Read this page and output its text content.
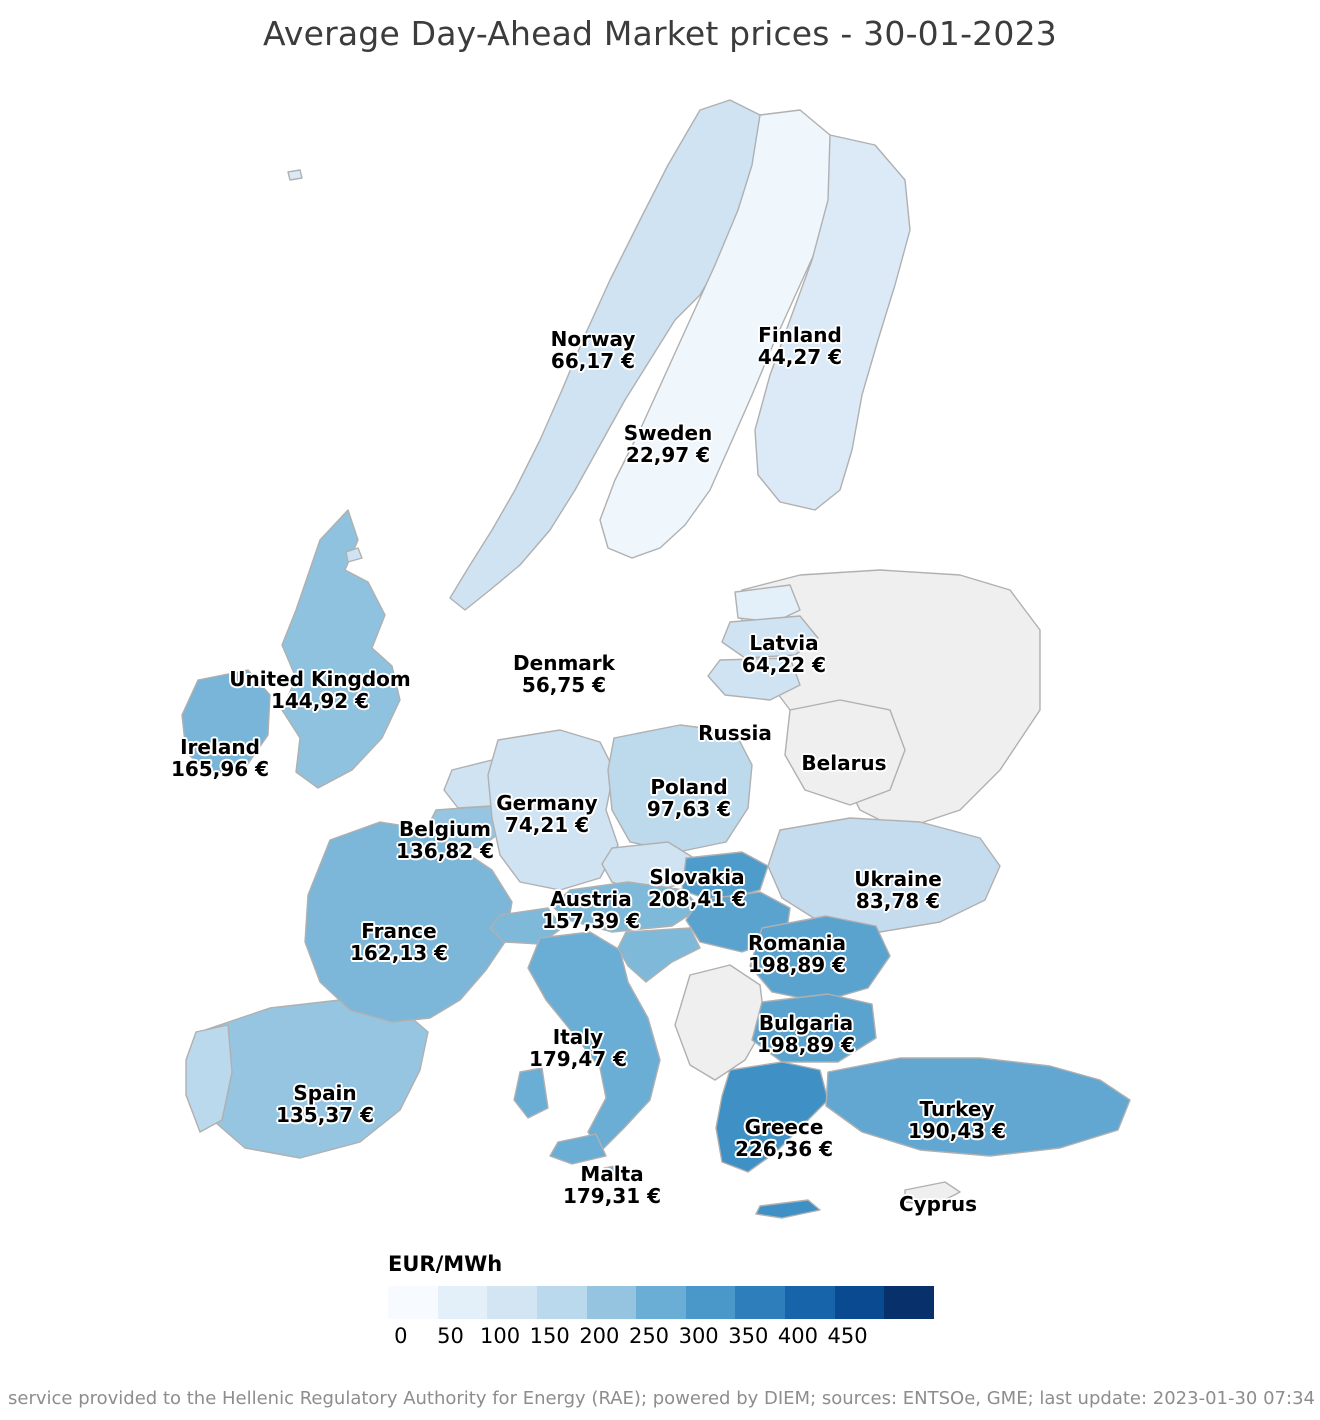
Average Day-Ahead Market prices - 30-01-2023
Norway
66,17 €
Finland
44,27 €
Sweden
22,97 €
Denmark
56,75 €
Latvia
64,22 €
Russia
Belarus
United Kingdom
144,92 €
Ireland
165,96 €
Germany
74,21 €
Poland
97,63 €
Belgium
136,82 €
Slovakia
208,41 €
Ukraine
83,78 €
Austria
157,39 €
France
162,13 €	Romania
198,89 €
Bulgaria
198,89 €
Italy
179,47 €
Spain
135,37 €	Greece
226,36 €
Turkey
190,43 €
Malta
179,31 €	Cyprus
EUR/MWh
0 50 100 150 200 250 300 350 400 450
service provided to the Hellenic Regulatory Authority for Energy (RAE); powered by DIEM; sources: ENTSOe, GME; last update: 2023-01-30 07:34
